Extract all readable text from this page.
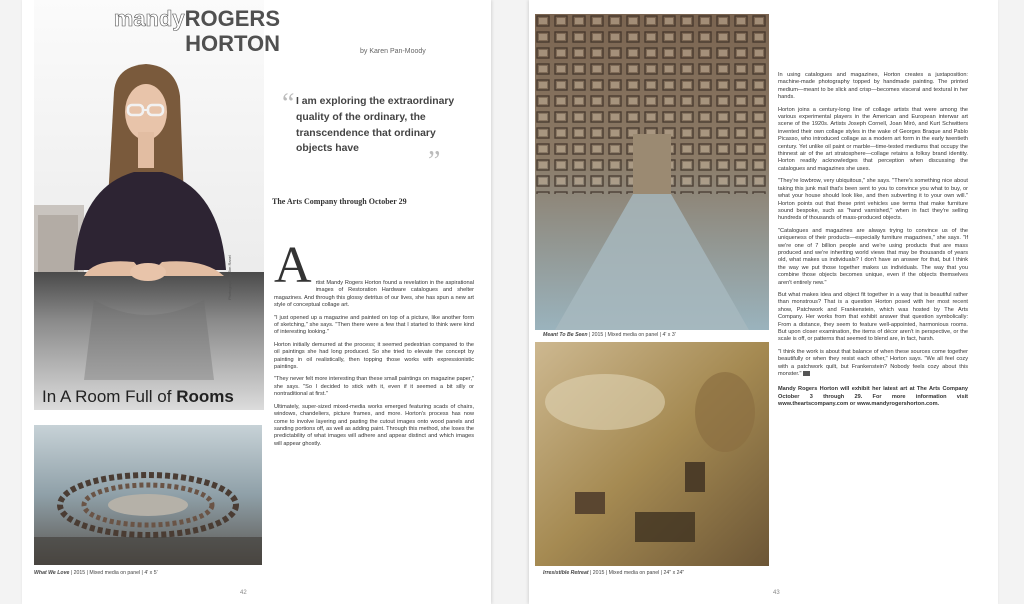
mandyROGERS
HORTON
Photograph by Jim Ranel
In A Room Full of Rooms
by Karen Pan-Moody
“ I am exploring the extraordinary quality of the ordinary, the transcendence that ordinary objects have	”
The Arts Company through October 29
A rtist Mandy Rogers Horton found a revelation in the aspirational images of Restoration Hardware catalogues and shelter magazines. And through this glossy detritus of our lives, she has spun a new art style of conceptual collage art.

"I just opened up a magazine and painted on top of a picture, like another form of sketching," she says. "Then there were a few that I started to think were kind of interesting looking."

Horton initially demurred at the process; it seemed pedestrian compared to the oil paintings she had long produced. So she tried to elevate the concept by painting in oil realistically, then topping those works with expressionistic paintings.

"They never felt more interesting than these small paintings on magazine paper," she says. "So I decided to stick with it, even if it seemed a bit silly or nontraditional at first."

Ultimately, super-sized mixed-media works emerged featuring scads of chairs, windows, chandeliers, picture frames, and more. Horton's process has now come to involve layering and pasting the cutout images onto wood panels and sanding portions off, as well as adding paint. Through this method, she loses the predictability of what images will adhere and appear distinct and which images will appear ghostly.

What We Love | 2015 | Mixed media on panel | 4' x 5'
42
Meant To Be Seen | 2015 | Mixed media on panel | 4' x 3'
Irresistible Retreat | 2015 | Mixed media on panel | 24" x 24"

In using catalogues and magazines, Horton creates a juxtaposition: machine-made photography topped by handmade painting. The printed medium—meant to be slick and crisp—becomes visceral and textural in her hands.

Horton joins a century-long line of collage artists that were among the various experimental players in the American and European interwar art scene of the 1920s. Artists Joseph Cornell, Joan Miró, and Kurt Schwitters invented their own collage styles in the wake of Georges Braque and Pablo Picasso, who introduced collage as a modern art form in the early twentieth century. Yet unlike oil paint or marble—time-tested mediums that occupy the thinnest air of the art stratosphere—collage retains a folksy brand identity. Horton readily acknowledges that perception when discussing the catalogues and magazines she uses.

"They're lowbrow, very ubiquitous," she says. "There's something nice about taking this junk mail that's been sent to you to convince you what to buy, or what your house should look like, and then subverting it to your own will." Horton points out that these print vehicles use terms that make furniture sound bespoke, such as "hand varnished," when in fact they're selling hundreds of thousands of mass-produced objects.

"Catalogues and magazines are always trying to convince us of the uniqueness of their products—especially furniture magazines," she says. "If we're one of 7 billion people and we're using products that are mass produced and we're inheriting world views that may be thousands of years old, what makes us individuals? I don't have an answer for that, but I think the way we put those together makes us individuals. The way that you combine those objects becomes unique, even if the objects themselves aren't entirely new."

But what makes idea and object fit together in a way that is beautiful rather than monstrous? That is a question Horton posed with her most recent show, Patchwork and Frankenstein, which was hosted by The Arts Company. Her works from that exhibit answer that question symbolically: From a distance, they seem to feature well-appointed, harmonious rooms. But upon closer examination, the items of décor aren't in perspective, or the scale is off, or patterns that seemed to blend are, in fact, harsh.

"I think the work is about that balance of when these sources come together beautifully or when they resist each other," Horton says. "We all feel cozy with a patchwork quilt, but Frankenstein? Nobody feels cozy about this monster."

Mandy Rogers Horton will exhibit her latest art at The Arts Company October 3 through 29. For more information visit www.theartscompany.com or www.mandyrogershorton.com.

43
